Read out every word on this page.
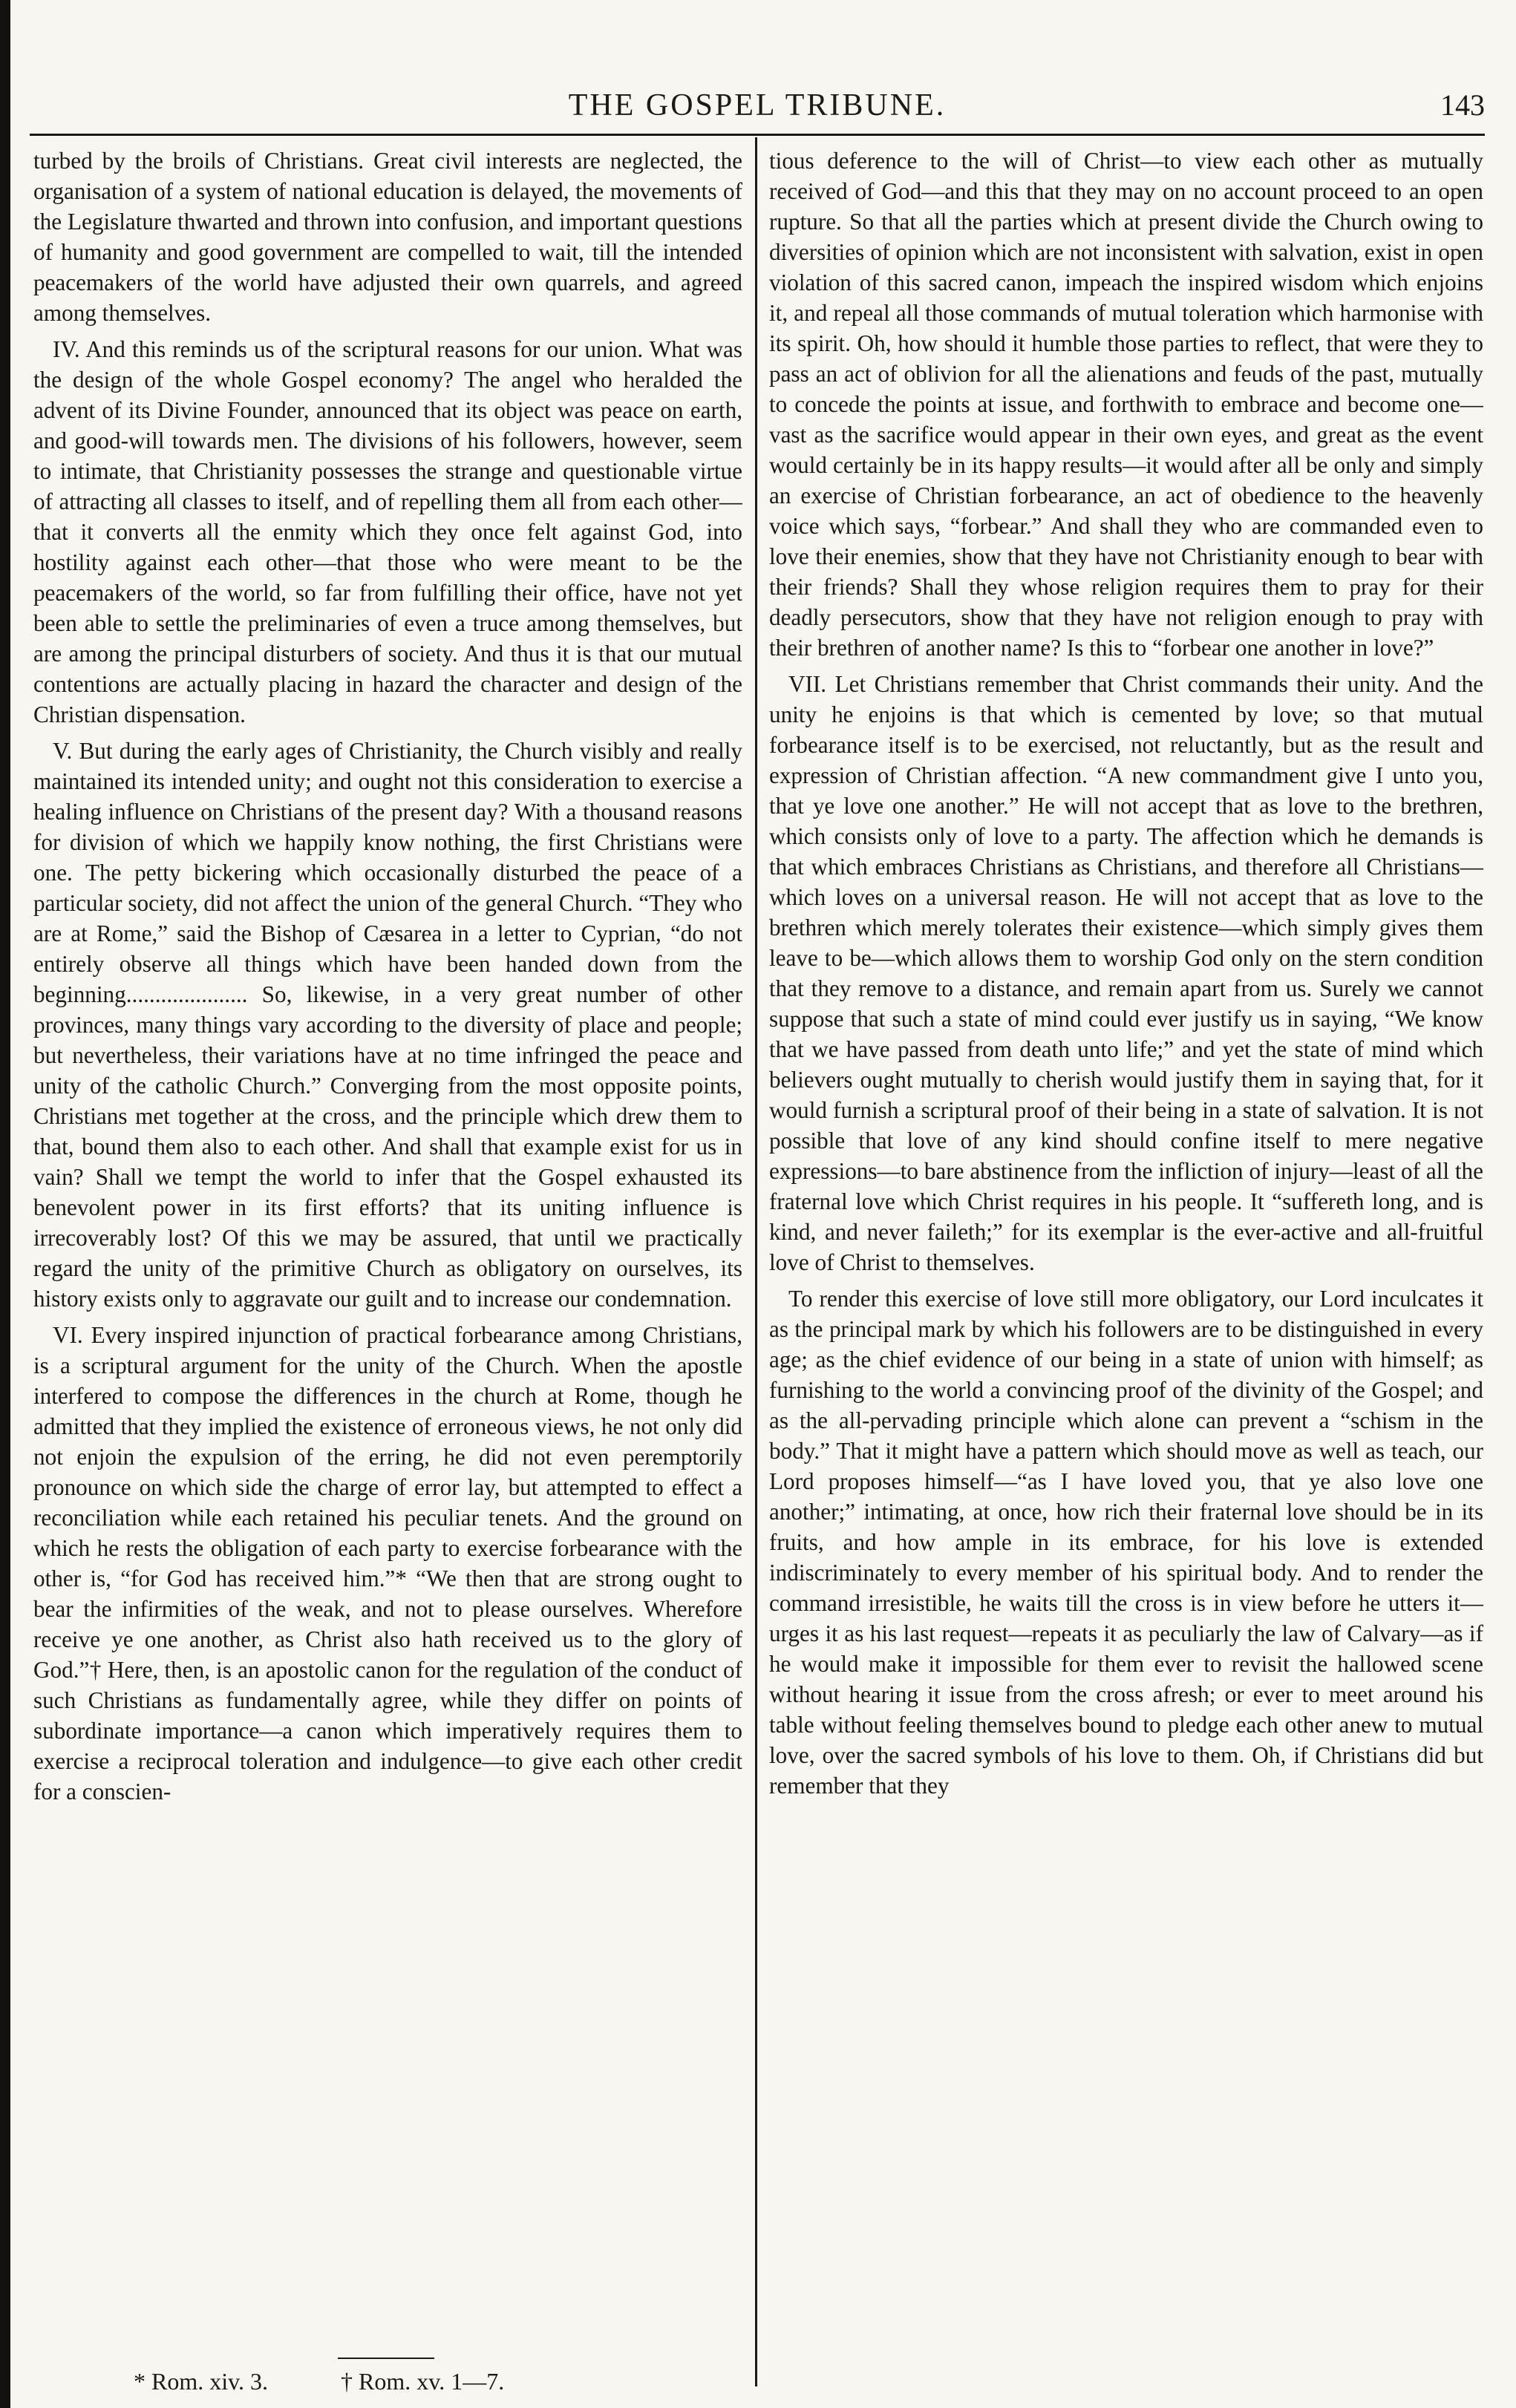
THE GOSPEL TRIBUNE.	143

turbed by the broils of Christians. Great civil interests are neglected, the organisation of a system of national education is delayed, the movements of the Legislature thwarted and thrown into confusion, and important questions of humanity and good government are compelled to wait, till the intended peacemakers of the world have adjusted their own quarrels, and agreed among themselves.

IV. And this reminds us of the scriptural reasons for our union. What was the design of the whole Gospel economy? The angel who heralded the advent of its Divine Founder, announced that its object was peace on earth, and good-will towards men. The divisions of his followers, however, seem to intimate, that Christianity possesses the strange and questionable virtue of attracting all classes to itself, and of repelling them all from each other—that it converts all the enmity which they once felt against God, into hostility against each other—that those who were meant to be the peacemakers of the world, so far from fulfilling their office, have not yet been able to settle the preliminaries of even a truce among themselves, but are among the principal disturbers of society. And thus it is that our mutual contentions are actually placing in hazard the character and design of the Christian dispensation.

V. But during the early ages of Christianity, the Church visibly and really maintained its intended unity; and ought not this consideration to exercise a healing influence on Christians of the present day? With a thousand reasons for division of which we happily know nothing, the first Christians were one. The petty bickering which occasionally disturbed the peace of a particular society, did not affect the union of the general Church. “They who are at Rome,” said the Bishop of Cæsarea in a letter to Cyprian, “do not entirely observe all things which have been handed down from the beginning..................... So, likewise, in a very great number of other provinces, many things vary according to the diversity of place and people; but nevertheless, their variations have at no time infringed the peace and unity of the catholic Church.” Converging from the most opposite points, Christians met together at the cross, and the principle which drew them to that, bound them also to each other. And shall that example exist for us in vain? Shall we tempt the world to infer that the Gospel exhausted its benevolent power in its first efforts? that its uniting influence is irrecoverably lost? Of this we may be assured, that until we practically regard the unity of the primitive Church as obligatory on ourselves, its history exists only to aggravate our guilt and to increase our condemnation.

VI. Every inspired injunction of practical forbearance among Christians, is a scriptural argument for the unity of the Church. When the apostle interfered to compose the differences in the church at Rome, though he admitted that they implied the existence of erroneous views, he not only did not enjoin the expulsion of the erring, he did not even peremptorily pronounce on which side the charge of error lay, but attempted to effect a reconciliation while each retained his peculiar tenets. And the ground on which he rests the obligation of each party to exercise forbearance with the other is, “for God has received him.”* “We then that are strong ought to bear the infirmities of the weak, and not to please ourselves. Wherefore receive ye one another, as Christ also hath received us to the glory of God.”† Here, then, is an apostolic canon for the regulation of the conduct of such Christians as fundamentally agree, while they differ on points of subordinate importance—a canon which imperatively requires them to exercise a reciprocal toleration and indulgence—to give each other credit for a conscien-

tious deference to the will of Christ—to view each other as mutually received of God—and this that they may on no account proceed to an open rupture. So that all the parties which at present divide the Church owing to diversities of opinion which are not inconsistent with salvation, exist in open violation of this sacred canon, impeach the inspired wisdom which enjoins it, and repeal all those commands of mutual toleration which harmonise with its spirit. Oh, how should it humble those parties to reflect, that were they to pass an act of oblivion for all the alienations and feuds of the past, mutually to concede the points at issue, and forthwith to embrace and become one—vast as the sacrifice would appear in their own eyes, and great as the event would certainly be in its happy results—it would after all be only and simply an exercise of Christian forbearance, an act of obedience to the heavenly voice which says, “forbear.” And shall they who are commanded even to love their enemies, show that they have not Christianity enough to bear with their friends? Shall they whose religion requires them to pray for their deadly persecutors, show that they have not religion enough to pray with their brethren of another name? Is this to “forbear one another in love?”

VII. Let Christians remember that Christ commands their unity. And the unity he enjoins is that which is cemented by love; so that mutual forbearance itself is to be exercised, not reluctantly, but as the result and expression of Christian affection. “A new commandment give I unto you, that ye love one another.” He will not accept that as love to the brethren, which consists only of love to a party. The affection which he demands is that which embraces Christians as Christians, and therefore all Christians—which loves on a universal reason. He will not accept that as love to the brethren which merely tolerates their existence—which simply gives them leave to be—which allows them to worship God only on the stern condition that they remove to a distance, and remain apart from us. Surely we cannot suppose that such a state of mind could ever justify us in saying, “We know that we have passed from death unto life;” and yet the state of mind which believers ought mutually to cherish would justify them in saying that, for it would furnish a scriptural proof of their being in a state of salvation. It is not possible that love of any kind should confine itself to mere negative expressions—to bare abstinence from the infliction of injury—least of all the fraternal love which Christ requires in his people. It “suffereth long, and is kind, and never faileth;” for its exemplar is the ever-active and all-fruitful love of Christ to themselves.

To render this exercise of love still more obligatory, our Lord inculcates it as the principal mark by which his followers are to be distinguished in every age; as the chief evidence of our being in a state of union with himself; as furnishing to the world a convincing proof of the divinity of the Gospel; and as the all-pervading principle which alone can prevent a “schism in the body.” That it might have a pattern which should move as well as teach, our Lord proposes himself—“as I have loved you, that ye also love one another;” intimating, at once, how rich their fraternal love should be in its fruits, and how ample in its embrace, for his love is extended indiscriminately to every member of his spiritual body. And to render the command irresistible, he waits till the cross is in view before he utters it—urges it as his last request—repeats it as peculiarly the law of Calvary—as if he would make it impossible for them ever to revisit the hallowed scene without hearing it issue from the cross afresh; or ever to meet around his table without feeling themselves bound to pledge each other anew to mutual love, over the sacred symbols of his love to them. Oh, if Christians did but remember that they

* Rom. xiv. 3.	† Rom. xv. 1—7.
